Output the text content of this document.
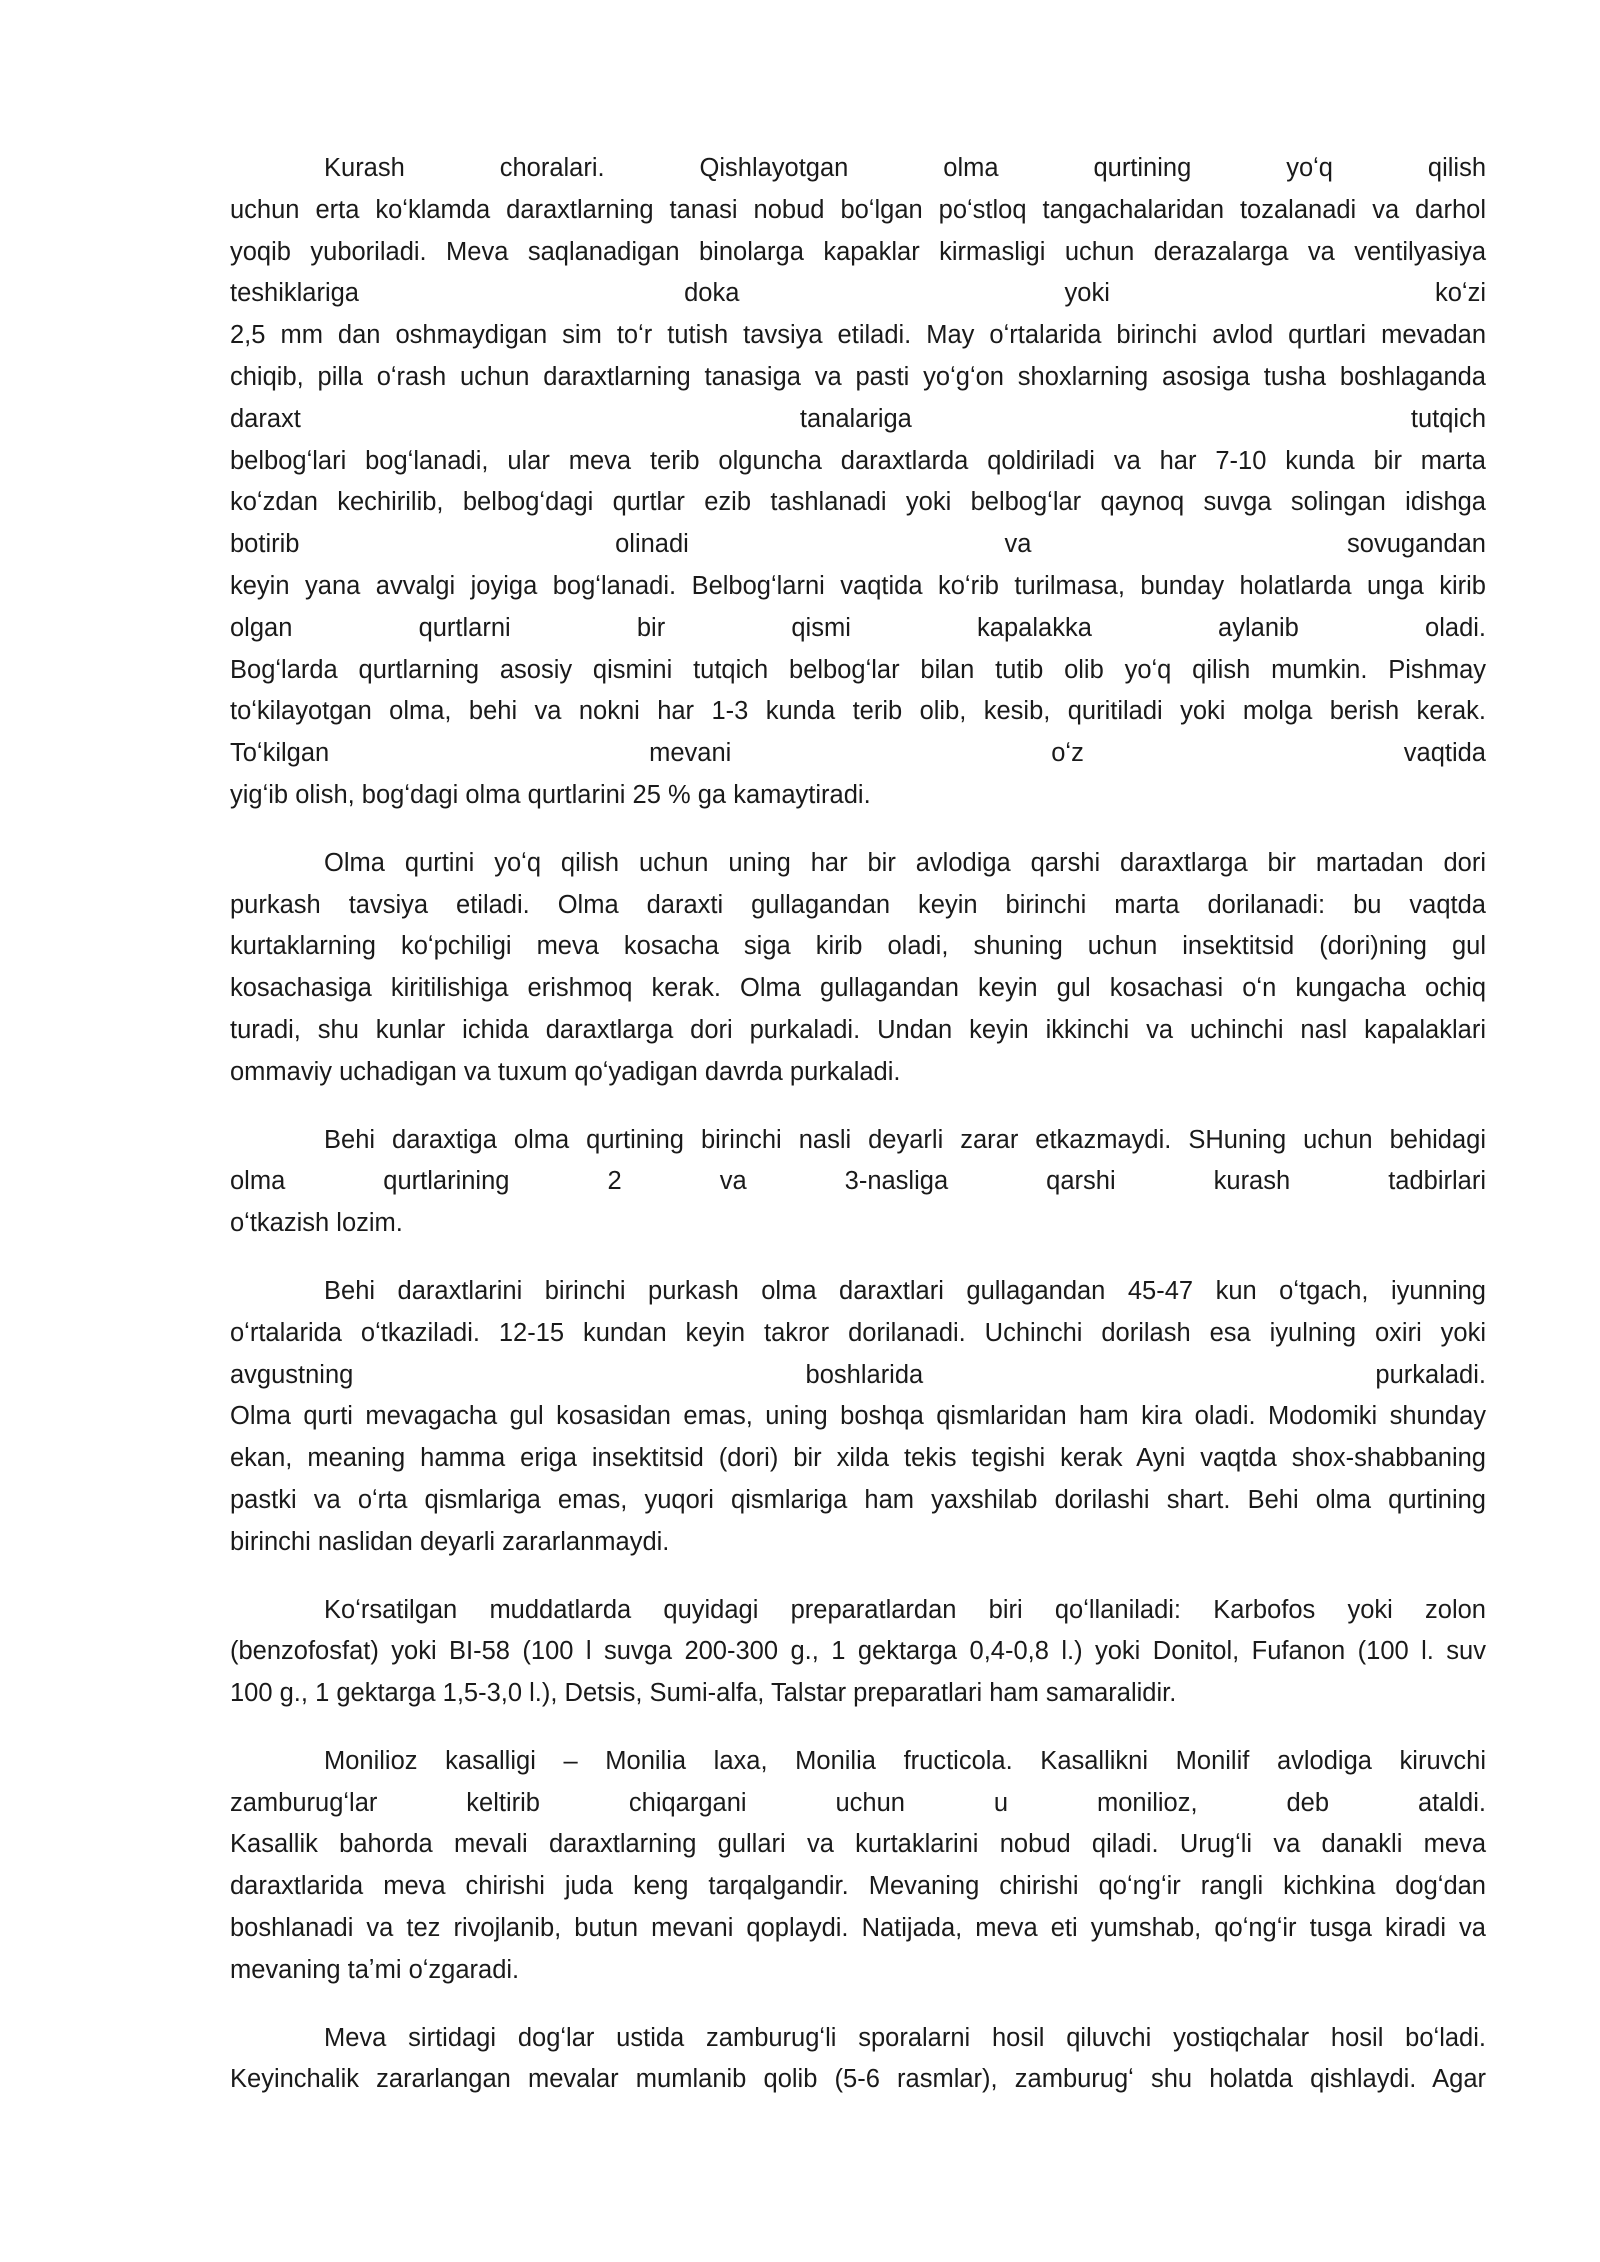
Kurash choralari. Qishlayotgan olma qurtining yoʻq qilish
uchun erta koʻklamda daraxtlarning tanasi nobud boʻlgan poʻstloq tangachalaridan tozalanadi va darhol
yoqib yuboriladi. Meva saqlanadigan binolarga kapaklar kirmasligi uchun derazalarga va ventilyasiya
teshiklariga doka yoki koʻzi
2,5 mm dan oshmaydigan sim toʻr tutish tavsiya etiladi. May oʻrtalarida birinchi avlod qurtlari mevadan
chiqib, pilla oʻrash uchun daraxtlarning tanasiga va pasti yoʻgʻon shoxlarning asosiga tusha boshlaganda
daraxt tanalariga tutqich
belbogʻlari bogʻlanadi, ular meva terib olguncha daraxtlarda qoldiriladi va har 7-10 kunda bir marta
koʻzdan kechirilib, belbogʻdagi qurtlar ezib tashlanadi yoki belbogʻlar qaynoq suvga solingan idishga
botirib olinadi va sovugandan
keyin yana avvalgi joyiga bogʻlanadi. Belbogʻlarni vaqtida koʻrib turilmasa, bunday holatlarda unga kirib
olgan qurtlarni bir qismi kapalakka aylanib oladi.
Bogʻlarda qurtlarning asosiy qismini tutqich belbogʻlar bilan tutib olib yoʻq qilish mumkin. Pishmay
toʻkilayotgan olma, behi va nokni har 1-3 kunda terib olib, kesib, quritiladi yoki molga berish kerak.
Toʻkilgan mevani oʻz vaqtida
yigʻib olish, bogʻdagi olma qurtlarini 25 % ga kamaytiradi.
Olma qurtini yoʻq qilish uchun uning har bir avlodiga qarshi daraxtlarga bir martadan dori
purkash tavsiya etiladi. Olma daraxti gullagandan keyin birinchi marta dorilanadi: bu vaqtda
kurtaklarning koʻpchiligi meva kosacha siga kirib oladi, shuning uchun insektitsid (dori)ning gul
kosachasiga kiritilishiga erishmoq kerak. Olma gullagandan keyin gul kosachasi oʻn kungacha ochiq
turadi, shu kunlar ichida daraxtlarga dori purkaladi. Undan keyin ikkinchi va uchinchi nasl kapalaklari
ommaviy uchadigan va tuxum qoʻyadigan davrda purkaladi.
Behi daraxtiga olma qurtining birinchi nasli deyarli zarar etkazmaydi. SHuning uchun behidagi
olma qurtlarining 2 va 3-nasliga qarshi kurash tadbirlari
oʻtkazish lozim.
Behi daraxtlarini birinchi purkash olma daraxtlari gullagandan 45-47 kun oʻtgach, iyunning
oʻrtalarida oʻtkaziladi. 12-15 kundan keyin takror dorilanadi. Uchinchi dorilash esa iyulning oxiri yoki
avgustning boshlarida purkaladi.
Olma qurti mevagacha gul kosasidan emas, uning boshqa qismlaridan ham kira oladi. Modomiki shunday
ekan, meaning hamma eriga insektitsid (dori) bir xilda tekis tegishi kerak Ayni vaqtda shox-shabbaning
pastki va oʻrta qismlariga emas, yuqori qismlariga ham yaxshilab dorilashi shart. Behi olma qurtining
birinchi naslidan deyarli zararlanmaydi.
Koʻrsatilgan muddatlarda quyidagi preparatlardan biri qoʻllaniladi: Karbofos yoki zolon
(benzofosfat) yoki BI-58 (100 l suvga 200-300 g., 1 gektarga 0,4-0,8 l.) yoki Donitol, Fufanon (100 l. suv
100 g., 1 gektarga 1,5-3,0 l.), Detsis, Sumi-alfa, Talstar preparatlari ham samaralidir.
Monilioz kasalligi – Monilia laxa, Monilia fructicola. Kasallikni Monilif avlodiga kiruvchi
zamburugʻlar keltirib chiqargani uchun u monilioz, deb ataldi.
Kasallik bahorda mevali daraxtlarning gullari va kurtaklarini nobud qiladi. Urugʻli va danakli meva
daraxtlarida meva chirishi juda keng tarqalgandir. Mevaning chirishi qoʻngʻir rangli kichkina dogʻdan
boshlanadi va tez rivojlanib, butun mevani qoplaydi. Natijada, meva eti yumshab, qoʻngʻir tusga kiradi va
mevaning taʼmi oʻzgaradi.
Meva sirtidagi dogʻlar ustida zamburugʻli sporalarni hosil qiluvchi yostiqchalar hosil boʻladi.
Keyinchalik zararlangan mevalar mumlanib qolib (5-6 rasmlar), zamburugʻ shu holatda qishlaydi. Agar
